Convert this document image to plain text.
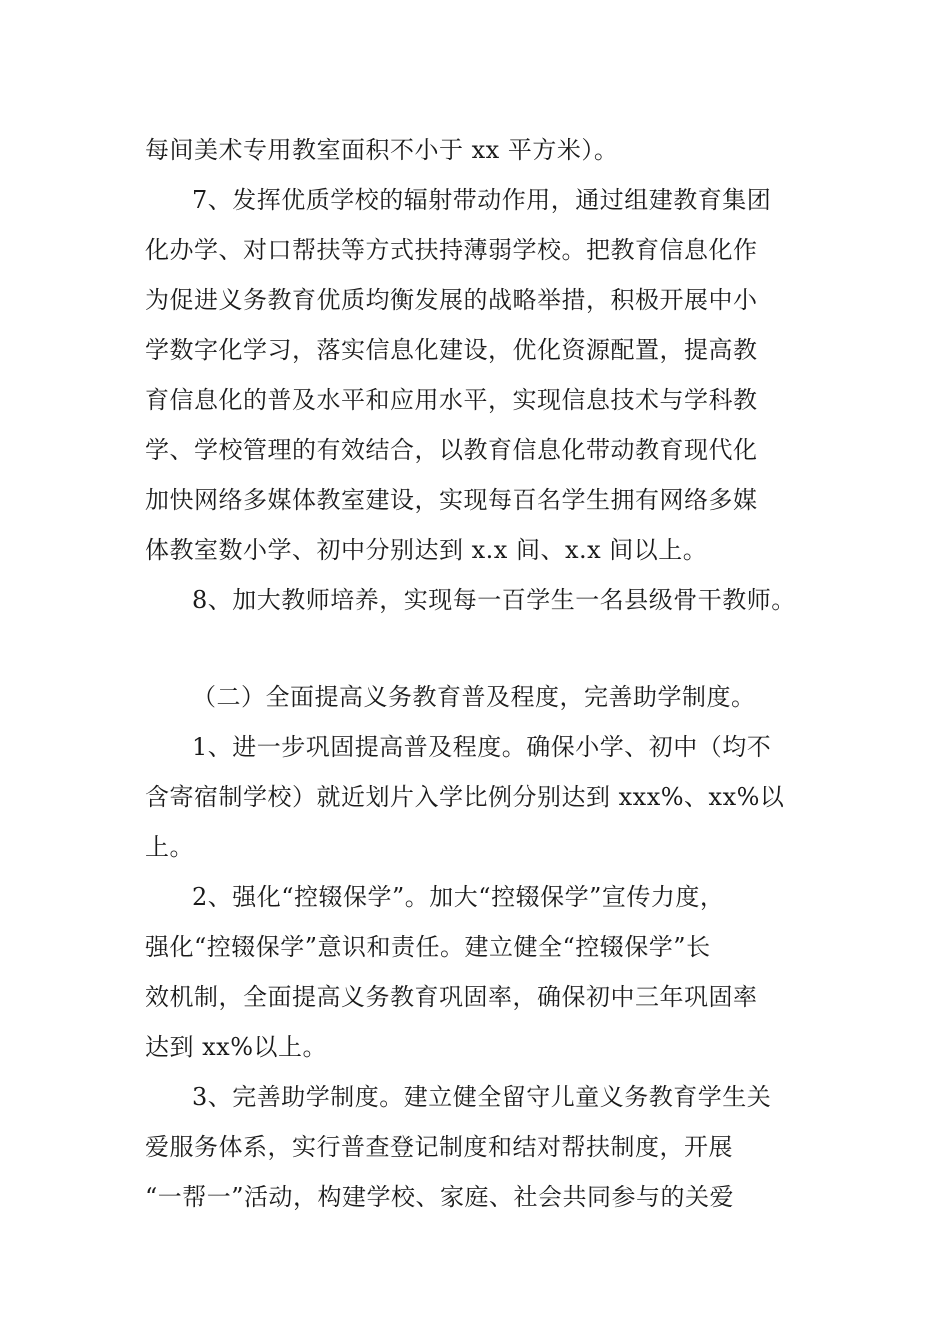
每间美术专用教室面积不小于 xx 平方米）。
7、发挥优质学校的辐射带动作用，通过组建教育集团
化办学、对口帮扶等方式扶持薄弱学校。把教育信息化作
为促进义务教育优质均衡发展的战略举措，积极开展中小
学数字化学习，落实信息化建设，优化资源配置，提高教
育信息化的普及水平和应用水平，实现信息技术与学科教
学、学校管理的有效结合，以教育信息化带动教育现代化
加快网络多媒体教室建设，实现每百名学生拥有网络多媒
体教室数小学、初中分别达到 x.x 间、x.x 间以上。
8、加大教师培养，实现每一百学生一名县级骨干教师。
（二）全面提高义务教育普及程度，完善助学制度。
1、进一步巩固提高普及程度。确保小学、初中（均不
含寄宿制学校）就近划片入学比例分别达到 xxx%、xx%以
上。
2、强化“控辍保学”。加大“控辍保学”宣传力度，
强化“控辍保学”意识和责任。建立健全“控辍保学”长
效机制，全面提高义务教育巩固率，确保初中三年巩固率
达到 xx%以上。
3、完善助学制度。建立健全留守儿童义务教育学生关
爱服务体系，实行普查登记制度和结对帮扶制度，开展
“一帮一”活动，构建学校、家庭、社会共同参与的关爱
